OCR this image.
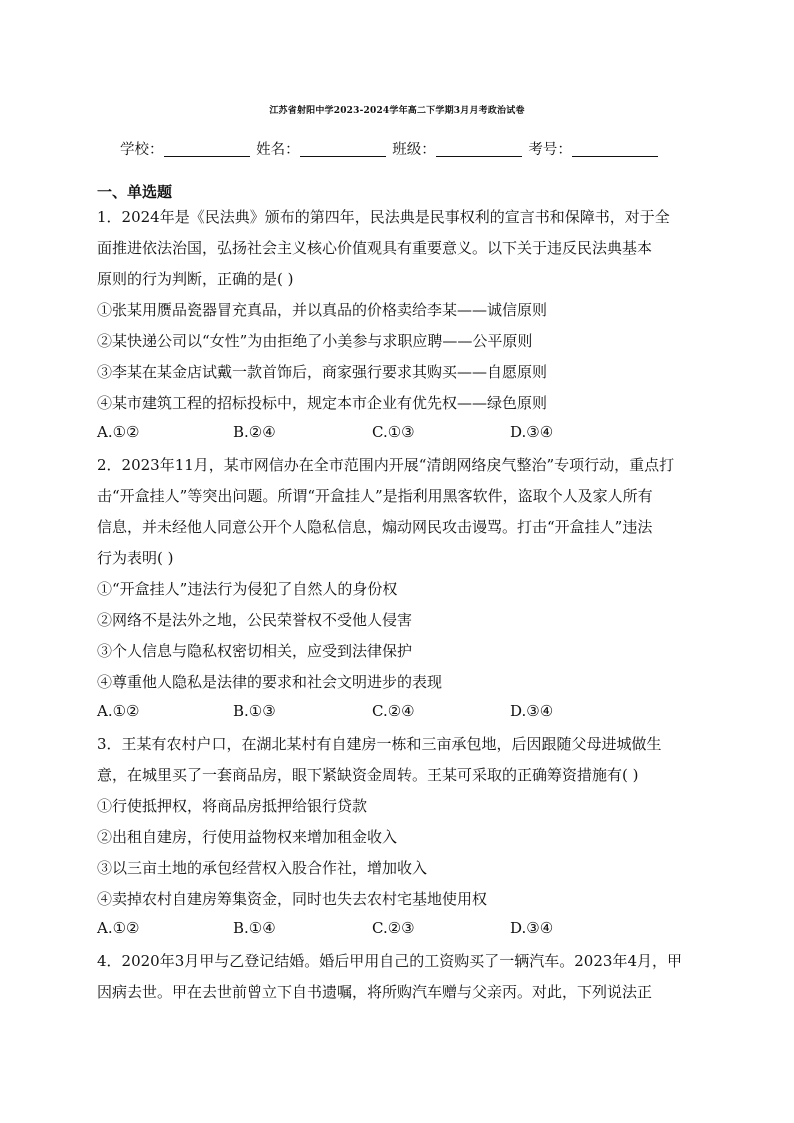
江苏省射阳中学2023-2024学年高二下学期3月月考政治试卷
学校：	姓名：	班级：	考号：
一、单选题
1．2024年是《民法典》颁布的第四年，民法典是民事权利的宣言书和保障书，对于全
面推进依法治国，弘扬社会主义核心价值观具有重要意义。以下关于违反民法典基本
原则的行为判断，正确的是( )
①张某用赝品瓷器冒充真品，并以真品的价格卖给李某——诚信原则
②某快递公司以“女性”为由拒绝了小美参与求职应聘——公平原则
③李某在某金店试戴一款首饰后，商家强行要求其购买——自愿原则
④某市建筑工程的招标投标中，规定本市企业有优先权——绿色原则
A.①②	B.②④	C.①③	D.③④
2．2023年11月，某市网信办在全市范围内开展“清朗网络戾气整治”专项行动，重点打
击“开盒挂人”等突出问题。所谓“开盒挂人”是指利用黑客软件，盗取个人及家人所有
信息，并未经他人同意公开个人隐私信息，煽动网民攻击谩骂。打击“开盒挂人”违法
行为表明( )
①“开盒挂人”违法行为侵犯了自然人的身份权
②网络不是法外之地，公民荣誉权不受他人侵害
③个人信息与隐私权密切相关，应受到法律保护
④尊重他人隐私是法律的要求和社会文明进步的表现
A.①②	B.①③	C.②④	D.③④
3．王某有农村户口，在湖北某村有自建房一栋和三亩承包地，后因跟随父母进城做生
意，在城里买了一套商品房，眼下紧缺资金周转。王某可采取的正确筹资措施有( )
①行使抵押权，将商品房抵押给银行贷款
②出租自建房，行使用益物权来增加租金收入
③以三亩土地的承包经营权入股合作社，增加收入
④卖掉农村自建房筹集资金，同时也失去农村宅基地使用权
A.①②	B.①④	C.②③	D.③④
4．2020年3月甲与乙登记结婚。婚后甲用自己的工资购买了一辆汽车。2023年4月，甲
因病去世。甲在去世前曾立下自书遗嘱，将所购汽车赠与父亲丙。对此，下列说法正
